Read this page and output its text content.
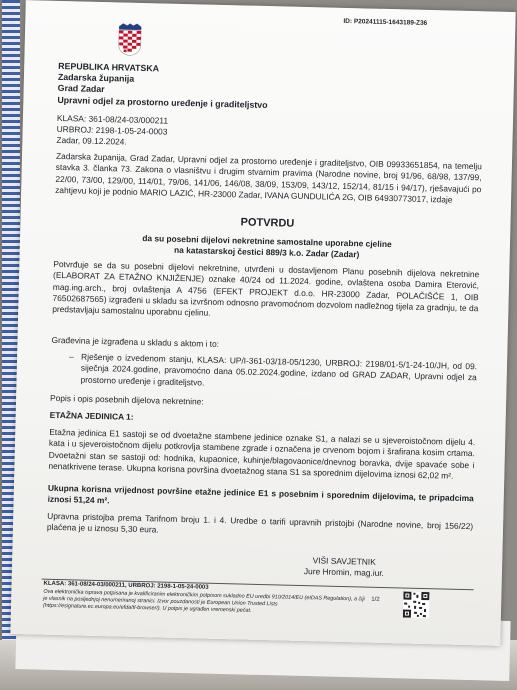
ID: P20241115-1643189-Z36
REPUBLIKA HRVATSKA
Zadarska županija
Grad Zadar
Upravni odjel za prostorno uređenje i graditeljstvo
KLASA: 361-08/24-03/000211
URBROJ: 2198-1-05-24-0003
Zadar, 09.12.2024.
Zadarska županija, Grad Zadar, Upravni odjel za prostorno uređenje i graditeljstvo, OIB 09933651854, na temelju stavka 3. članka 73. Zakona o vlasništvu i drugim stvarnim pravima (Narodne novine, broj 91/96, 68/98, 137/99, 22/00, 73/00, 129/00, 114/01, 79/06, 141/06, 146/08, 38/09, 153/09, 143/12, 152/14, 81/15 i 94/17), rješavajući po zahtjevu koji je podnio MARIO LAZIĆ, HR-23000 Zadar, IVANA GUNDULIĆA 2G, OIB 64930773017, izdaje
POTVRDU
da su posebni dijelovi nekretnine samostalne uporabne cjeline
na katastarskoj čestici 889/3 k.o. Zadar (Zadar)
Potvrđuje se da su posebni dijelovi nekretnine, utvrđeni u dostavljenom Planu posebnih dijelova nekretnine (ELABORAT ZA ETAŽNO KNJIŽENJE) oznake 40/24 od 11.2024. godine, ovlaštena osoba Damira Eterović, mag.ing.arch., broj ovlaštenja A 4756 (EFEKT PROJEKT d.o.o. HR-23000 Zadar, POLAČIŠĆE 1, OIB 76502687565) izgrađeni u skladu sa izvršnom odnosno pravomoćnom dozvolom nadležnog tijela za gradnju, te da predstavljaju samostalnu uporabnu cjelinu.
Građevina je izgrađena u skladu s aktom i to:
– Rješenje o izvedenom stanju, KLASA: UP/I-361-03/18-05/1230, URBROJ: 2198/01-5/1-24-10/JH, od 09. siječnja 2024.godine, pravomoćno dana 05.02.2024.godine, izdano od GRAD ZADAR, Upravni odjel za prostorno uređenje i graditeljstvo.
Popis i opis posebnih dijelova nekretnine:
ETAŽNA JEDINICA 1:
Etažna jedinica E1 sastoji se od dvoetažne stambene jedinice oznake S1, a nalazi se u sjeveroistočnom dijelu 4. kata i u sjeveroistočnom dijelu potkrovlja stambene zgrade i označena je crvenom bojom i šrafirana kosim crtama. Dvoetažni stan se sastoji od: hodnika, kupaonice, kuhinje/blagovaonice/dnevnog boravka, dvije spavaće sobe i nenatkrivene terase. Ukupna korisna površina dvoetažnog stana S1 sa sporednim dijelovima iznosi 62,02 m².
Ukupna korisna vrijednost površine etažne jedinice E1 s posebnim i sporednim dijelovima, te pripadcima iznosi 51,24 m².
Upravna pristojba prema Tarifnom broju 1. i 4. Uredbe o tarifi upravnih pristojbi (Narodne novine, broj 156/22) plaćena je u iznosu 5,30 eura.
VIŠI SAVJETNIK
Jure Hromin, mag.iur.
KLASA: 361-08/24-03/000211, URBROJ: 2198-1-05-24-0003
Ova elektronička isprava potpisana je kvalificiranim elektroničkim potpisom sukladno EU uredbi 910/2014/EU (eIDAS Regulation), a čiji je vlasnik na posljednjoj nenumeriranoj stranici. Izvor pouzdanosti je European Union Trusted Lists (https://esignature.ec.europa.eu/efda/tl-browser/). U potpis je ugrađen vremenski pečat.
1/2
